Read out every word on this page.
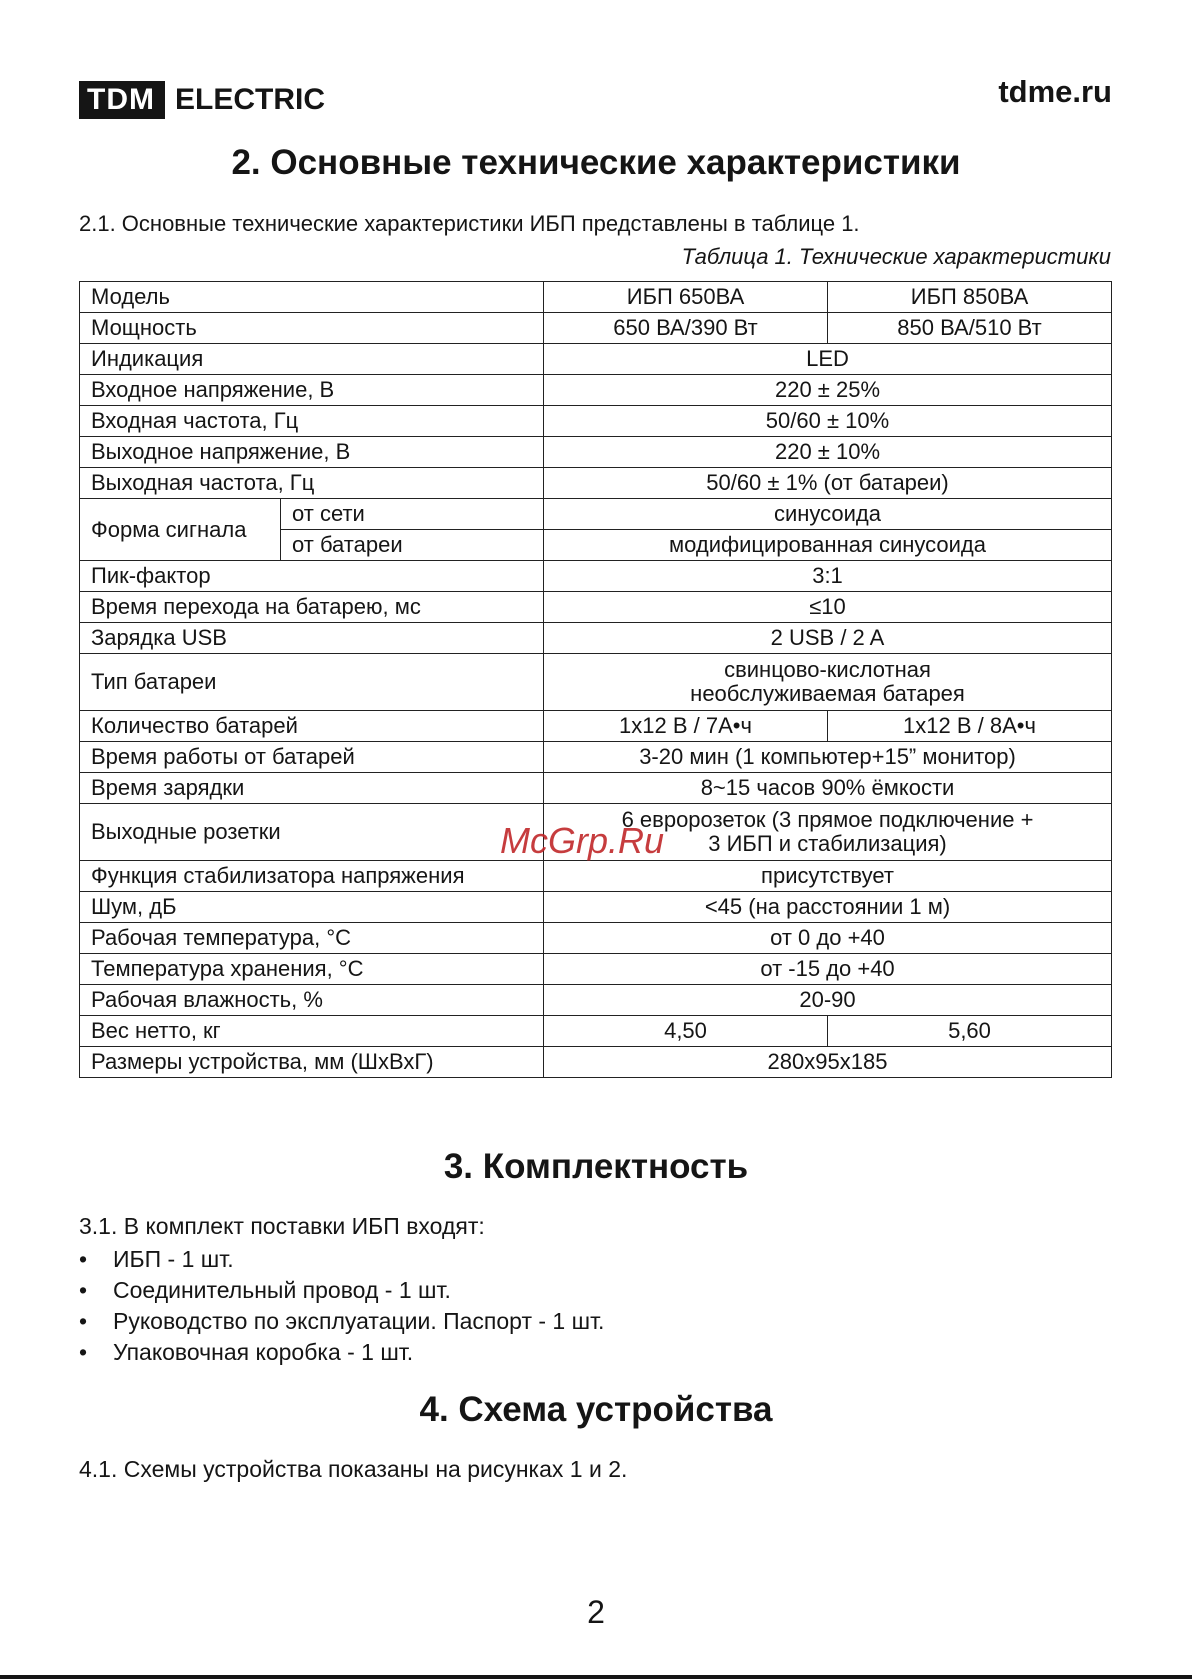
TDM ELECTRIC	tdme.ru
2. Основные технические характеристики
2.1. Основные технические характеристики ИБП представлены в таблице 1.
Таблица 1. Технические характеристики
Модель		ИБП 650ВА	ИБП 850ВА
Мощность		650 ВА/390 Вт	850 ВА/510 Вт
Индикация		LED	
Входное напряжение, В		220 ± 25%	
Входная частота, Гц		50/60 ± 10%	
Выходное напряжение, В		220 ± 10%	
Выходная частота, Гц		50/60 ± 1% (от батареи)	
Форма сигнала	от сети	синусоида	
	от батареи	модифицированная синусоида	
Пик-фактор		3:1	
Время перехода на батарею, мс		≤10	
Зарядка USB		2 USB / 2 A	
Тип батареи		свинцово-кислотная
необслуживаемая батарея	

Количество батарей		1х12 В / 7А•ч	1х12 В / 8А•ч
Время работы от батарей		3-20 мин (1 компьютер+15” монитор)	
Время зарядки		8~15 часов 90% ёмкости	
Выходные розетки		6 евророзеток (3 прямое подключение +
3 ИБП и стабилизация)	

Функция стабилизатора напряжения		присутствует	
Шум, дБ		<45 (на расстоянии 1 м)	
Рабочая температура, °С		от 0 до +40	
Температура хранения, °С		от -15 до +40	
Рабочая влажность, %		20-90	
Вес нетто, кг		4,50	5,60
Размеры устройства, мм (ШхВхГ)		280х95х185	
McGrp.Ru
3. Комплектность
3.1. В комплект поставки ИБП входят:
•	ИБП - 1 шт.
•	Соединительный провод - 1 шт.
•	Руководство по эксплуатации. Паспорт - 1 шт.
•	Упаковочная коробка - 1 шт.
4. Схема устройства
4.1. Схемы устройства показаны на рисунках 1 и 2.
2
